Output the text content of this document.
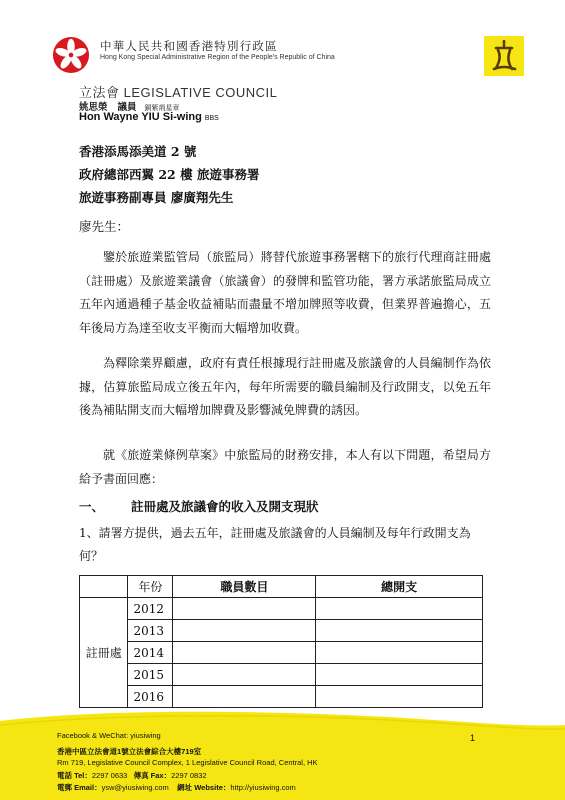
中華人民共和國香港特別行政區
Hong Kong Special Administrative Region of the People's Republic of China
立法會 LEGISLATIVE COUNCIL
姚思榮 議員 銅紫荊星章
Hon Wayne YIU Si-wing BBS
香港添馬添美道 2 號
政府總部西翼 22 樓 旅遊事務署
旅遊事務副專員 廖廣翔先生
廖先生：

鑒於旅遊業監管局（旅監局）將替代旅遊事務署轄下的旅行代理商註冊處（註冊處）及旅遊業議會（旅議會）的發牌和監管功能，署方承諾旅監局成立五年內通過種子基金收益補貼而盡量不增加牌照等收費，但業界普遍擔心，五年後局方為達至收支平衡而大幅增加收費。

為釋除業界顧慮，政府有責任根據現行註冊處及旅議會的人員編制作為依據，估算旅監局成立後五年內，每年所需要的職員編制及行政開支，以免五年後為補貼開支而大幅增加牌費及影響減免牌費的誘因。

就《旅遊業條例草案》中旅監局的財務安排，本人有以下問題，希望局方給予書面回應：

一、 註冊處及旅議會的收入及開支現狀

1、請署方提供，過去五年，註冊處及旅議會的人員編制及每年行政開支為何？

	年份	職員數目	總開支
註冊處	2012		
	2013		
	2014		
	2015		
	2016		
1
Facebook & WeChat: yiusiwing
香港中區立法會道1號立法會綜合大樓719室
Rm 719, Legislative Council Complex, 1 Legislative Council Road, Central, HK
電話 Tel：2297 0633 傳真 Fax：2297 0832
電郵 Email：ysw@yiusiwing.com 網址 Website：http://yiusiwing.com
